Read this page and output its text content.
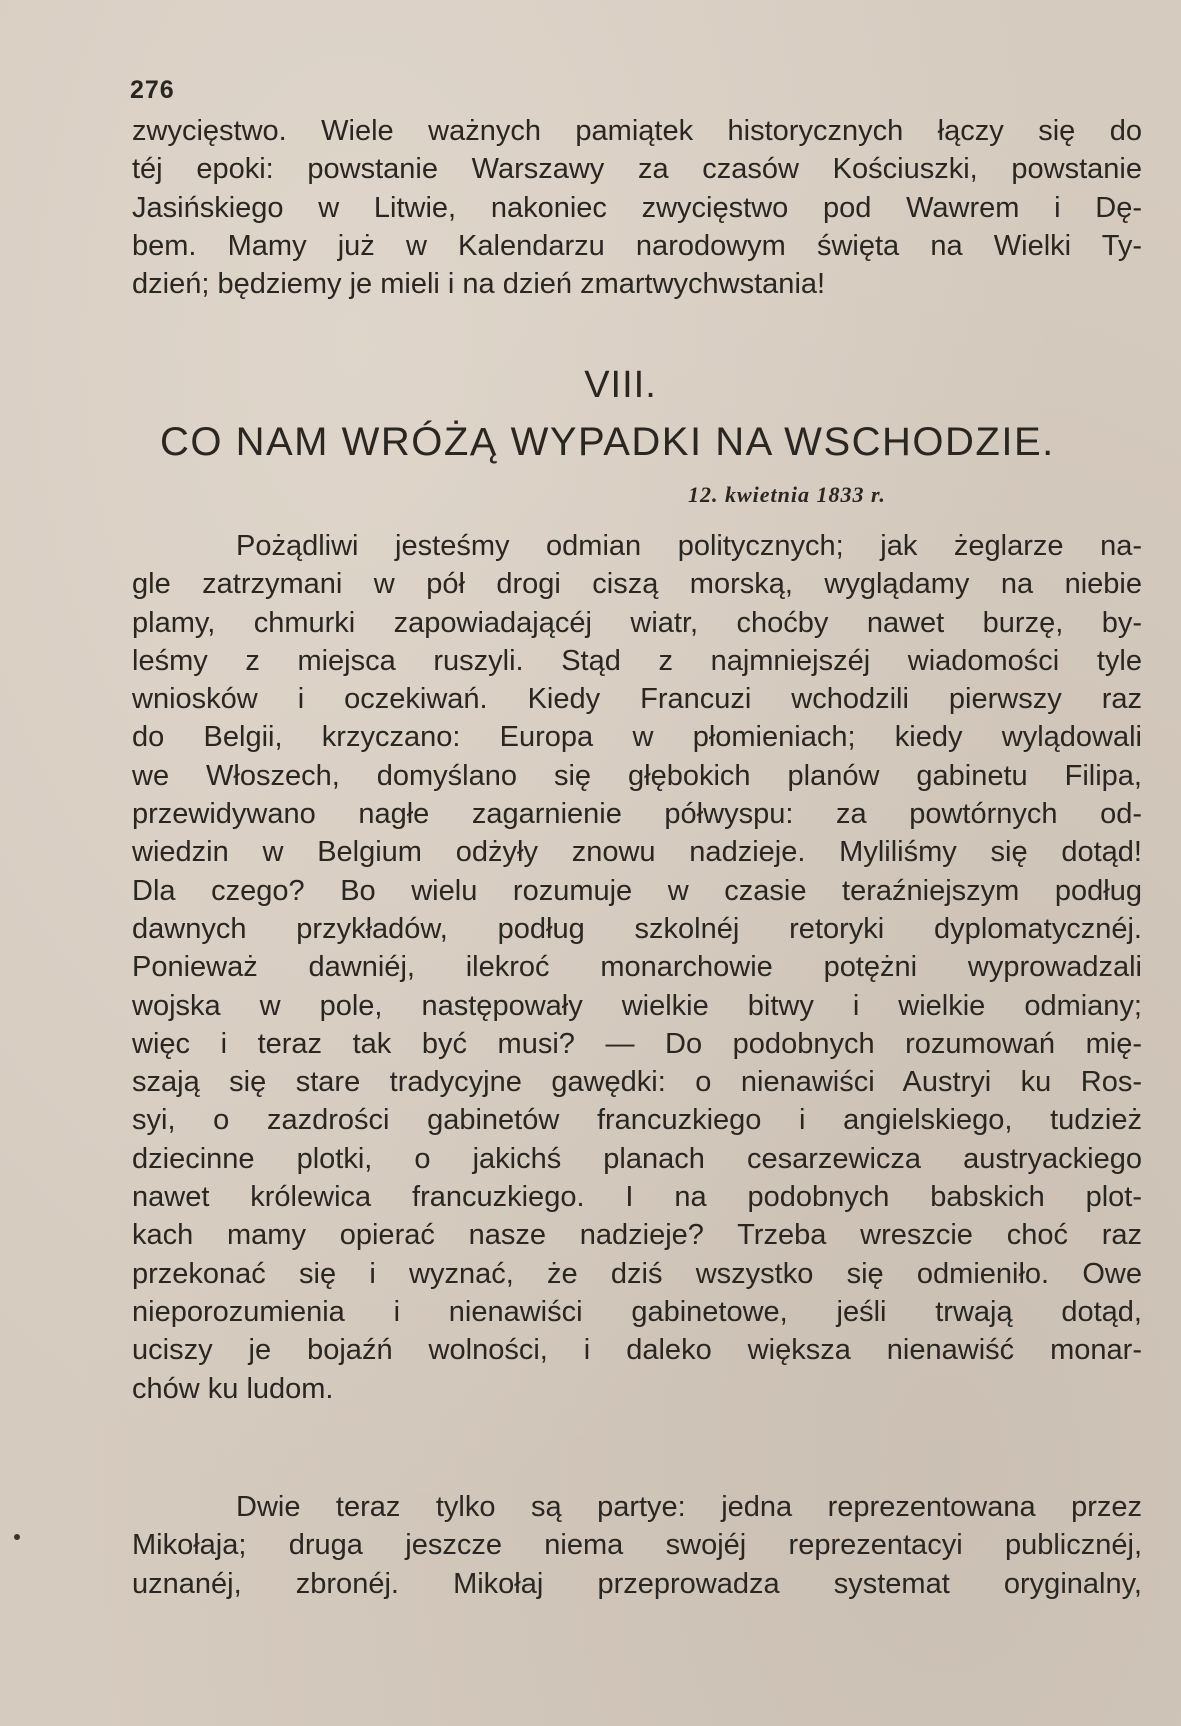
276

zwycięstwo. Wiele ważnych pamiątek historycznych łączy się do

téj epoki: powstanie Warszawy za czasów Kościuszki, powstanie

Jasińskiego w Litwie, nakoniec zwycięstwo pod Wawrem i Dę-

bem. Mamy już w Kalendarzu narodowym święta na Wielki Ty-

dzień; będziemy je mieli i na dzień zmartwychwstania!

VIII.
CO NAM WRÓŻĄ WYPADKI NA WSCHODZIE.
12. kwietnia 1833 r.

Pożądliwi jesteśmy odmian politycznych; jak żeglarze na-

gle zatrzymani w pół drogi ciszą morską, wyglądamy na niebie

plamy, chmurki zapowiadającéj wiatr, choćby nawet burzę, by-

leśmy z miejsca ruszyli. Stąd z najmniejszéj wiadomości tyle

wniosków i oczekiwań. Kiedy Francuzi wchodzili pierwszy raz

do Belgii, krzyczano: Europa w płomieniach; kiedy wylądowali

we Włoszech, domyślano się głębokich planów gabinetu Filipa,

przewidywano nagłe zagarnienie półwyspu: za powtórnych od-

wiedzin w Belgium odżyły znowu nadzieje. Myliliśmy się dotąd!

Dla czego? Bo wielu rozumuje w czasie teraźniejszym podług

dawnych przykładów, podług szkolnéj retoryki dyplomatycznéj.

Ponieważ dawniéj, ilekroć monarchowie potężni wyprowadzali

wojska w pole, następowały wielkie bitwy i wielkie odmiany;

więc i teraz tak być musi? — Do podobnych rozumowań mię-

szają się stare tradycyjne gawędki: o nienawiści Austryi ku Ros-

syi, o zazdrości gabinetów francuzkiego i angielskiego, tudzież

dziecinne plotki, o jakichś planach cesarzewicza austryackiego

nawet królewica francuzkiego. I na podobnych babskich plot-

kach mamy opierać nasze nadzieje? Trzeba wreszcie choć raz

przekonać się i wyznać, że dziś wszystko się odmieniło. Owe

nieporozumienia i nienawiści gabinetowe, jeśli trwają dotąd,

uciszy je bojaźń wolności, i daleko większa nienawiść monar-

chów ku ludom.

Dwie teraz tylko są partye: jedna reprezentowana przez

Mikołaja; druga jeszcze niema swojéj reprezentacyi publicznéj,

uznanéj, zbronéj. Mikołaj przeprowadza systemat oryginalny,
